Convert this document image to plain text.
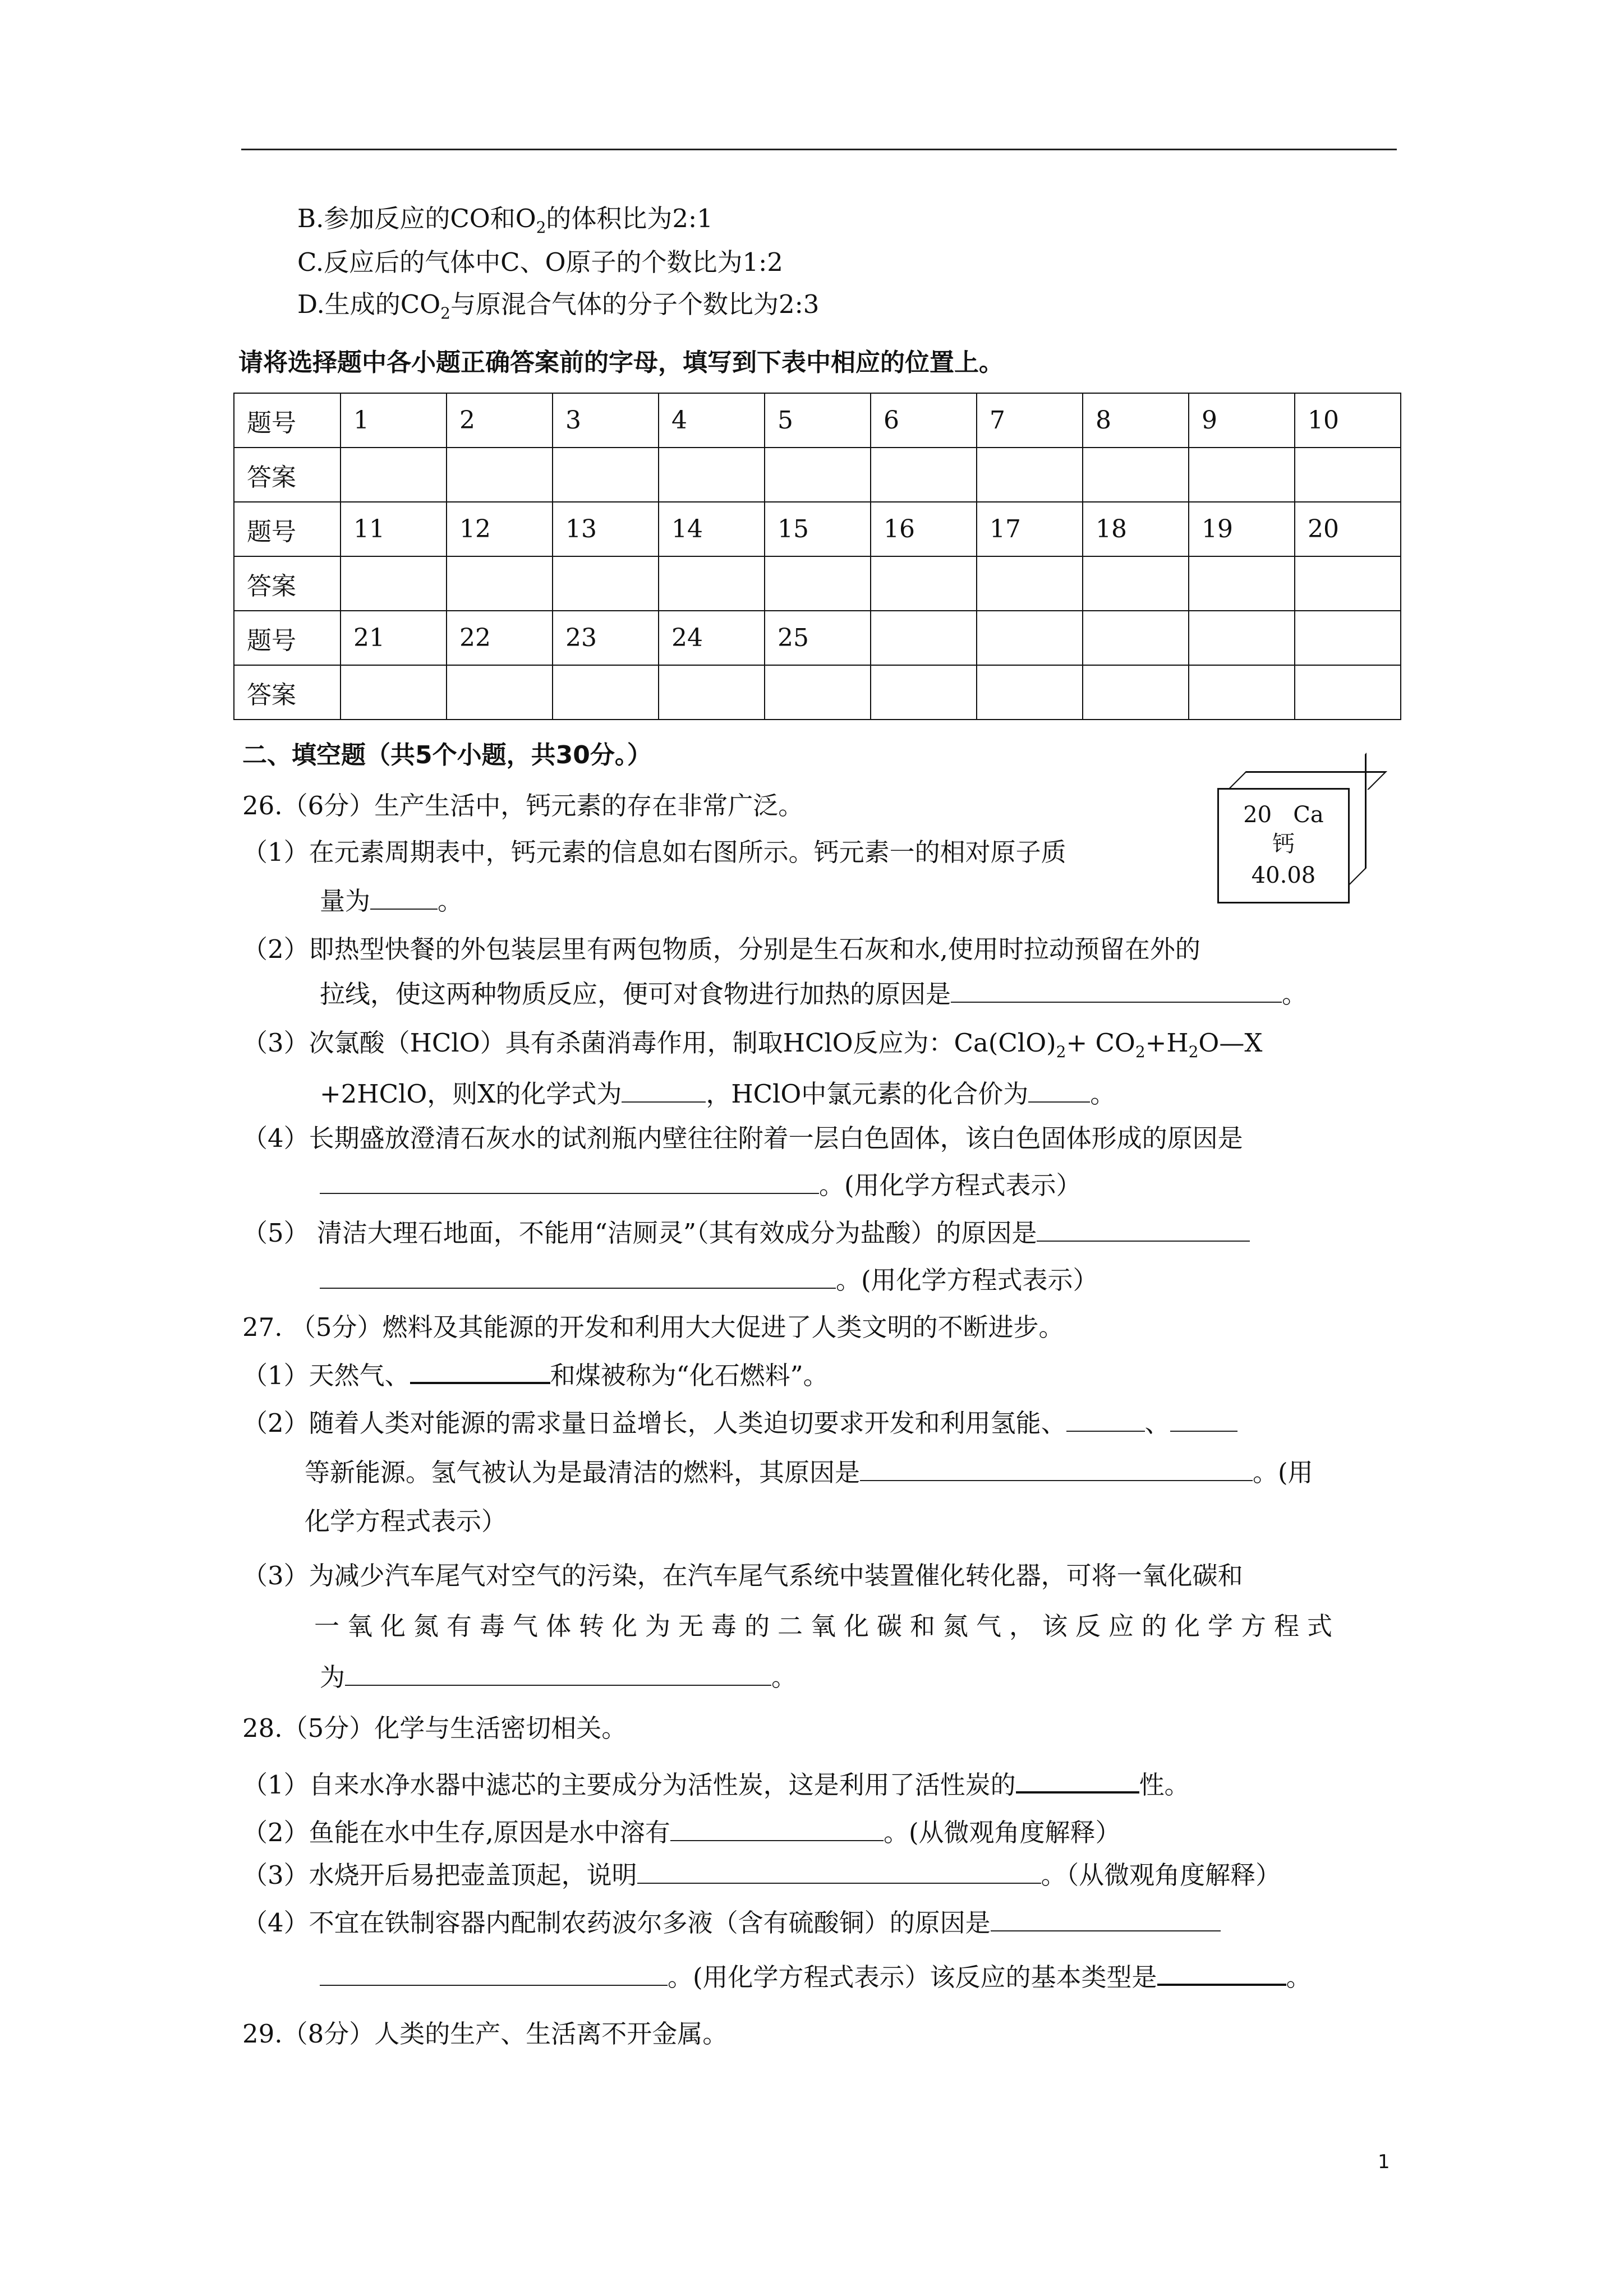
B.参加反应的CO和$O_2$的体积比为2:1
C.反应后的气体中C、O原子的个数比为1:2
D.生成的$CO_2$与原混合气体的分子个数比为2:3
请将选择题中各小题正确答案前的字母，填写到下表中相应的位置上。
题号	1	2	3	4	5	6	7	8	9	10
答案										
题号	11	12	13	14	15	16	17	18	19	20
答案										
题号	21	22	23	24	25					
答案										
二、填空题（共5个小题，共30分。）
26.（6分）生产生活中，钙元素的存在非常广泛。
（1）在元素周期表中，钙元素的信息如右图所示。钙元素一的相对原子质
量为	。
20 Ca
钙
40.08
（2）即热型快餐的外包装层里有两包物质，分别是生石灰和水,使用时拉动预留在外的
拉线，使这两种物质反应，便可对食物进行加热的原因是	。
（3）次氯酸（HClO）具有杀菌消毒作用，制取HClO反应为：$Ca(ClO)_2+$ $CO_2+H_2O—X$
+2HClO，则X的化学式为	，HClO中氯元素的化合价为 。
（4）长期盛放澄清石灰水的试剂瓶内壁往往附着一层白色固体，该白色固体形成的原因是
。(用化学方程式表示）
（5） 清洁大理石地面，不能用“洁厕灵”（其有效成分为盐酸）的原因是
。(用化学方程式表示）
27. （5分）燃料及其能源的开发和利用大大促进了人类文明的不断进步。
（1）天然气、	和煤被称为“化石燃料”。
（2）随着人类对能源的需求量日益增长，人类迫切要求开发和利用氢能、	、
等新能源。氢气被认为是最清洁的燃料，其原因是	。(用
化学方程式表示）
（3）为减少汽车尾气对空气的污染，在汽车尾气系统中装置催化转化器，可将一氧化碳和
一氧化氮有毒气体转化为无毒的二氧化碳和氮气，该反应的化学方程式
为	。
28.（5分）化学与生活密切相关。
（1）自来水净水器中滤芯的主要成分为活性炭，这是利用了活性炭的	性。
（2）鱼能在水中生存,原因是水中溶有	。(从微观角度解释）
（3）水烧开后易把壶盖顶起，说明	。（从微观角度解释）
（4）不宜在铁制容器内配制农药波尔多液（含有硫酸铜）的原因是
。(用化学方程式表示）该反应的基本类型是	。
29.（8分）人类的生产、生活离不开金属。
1
